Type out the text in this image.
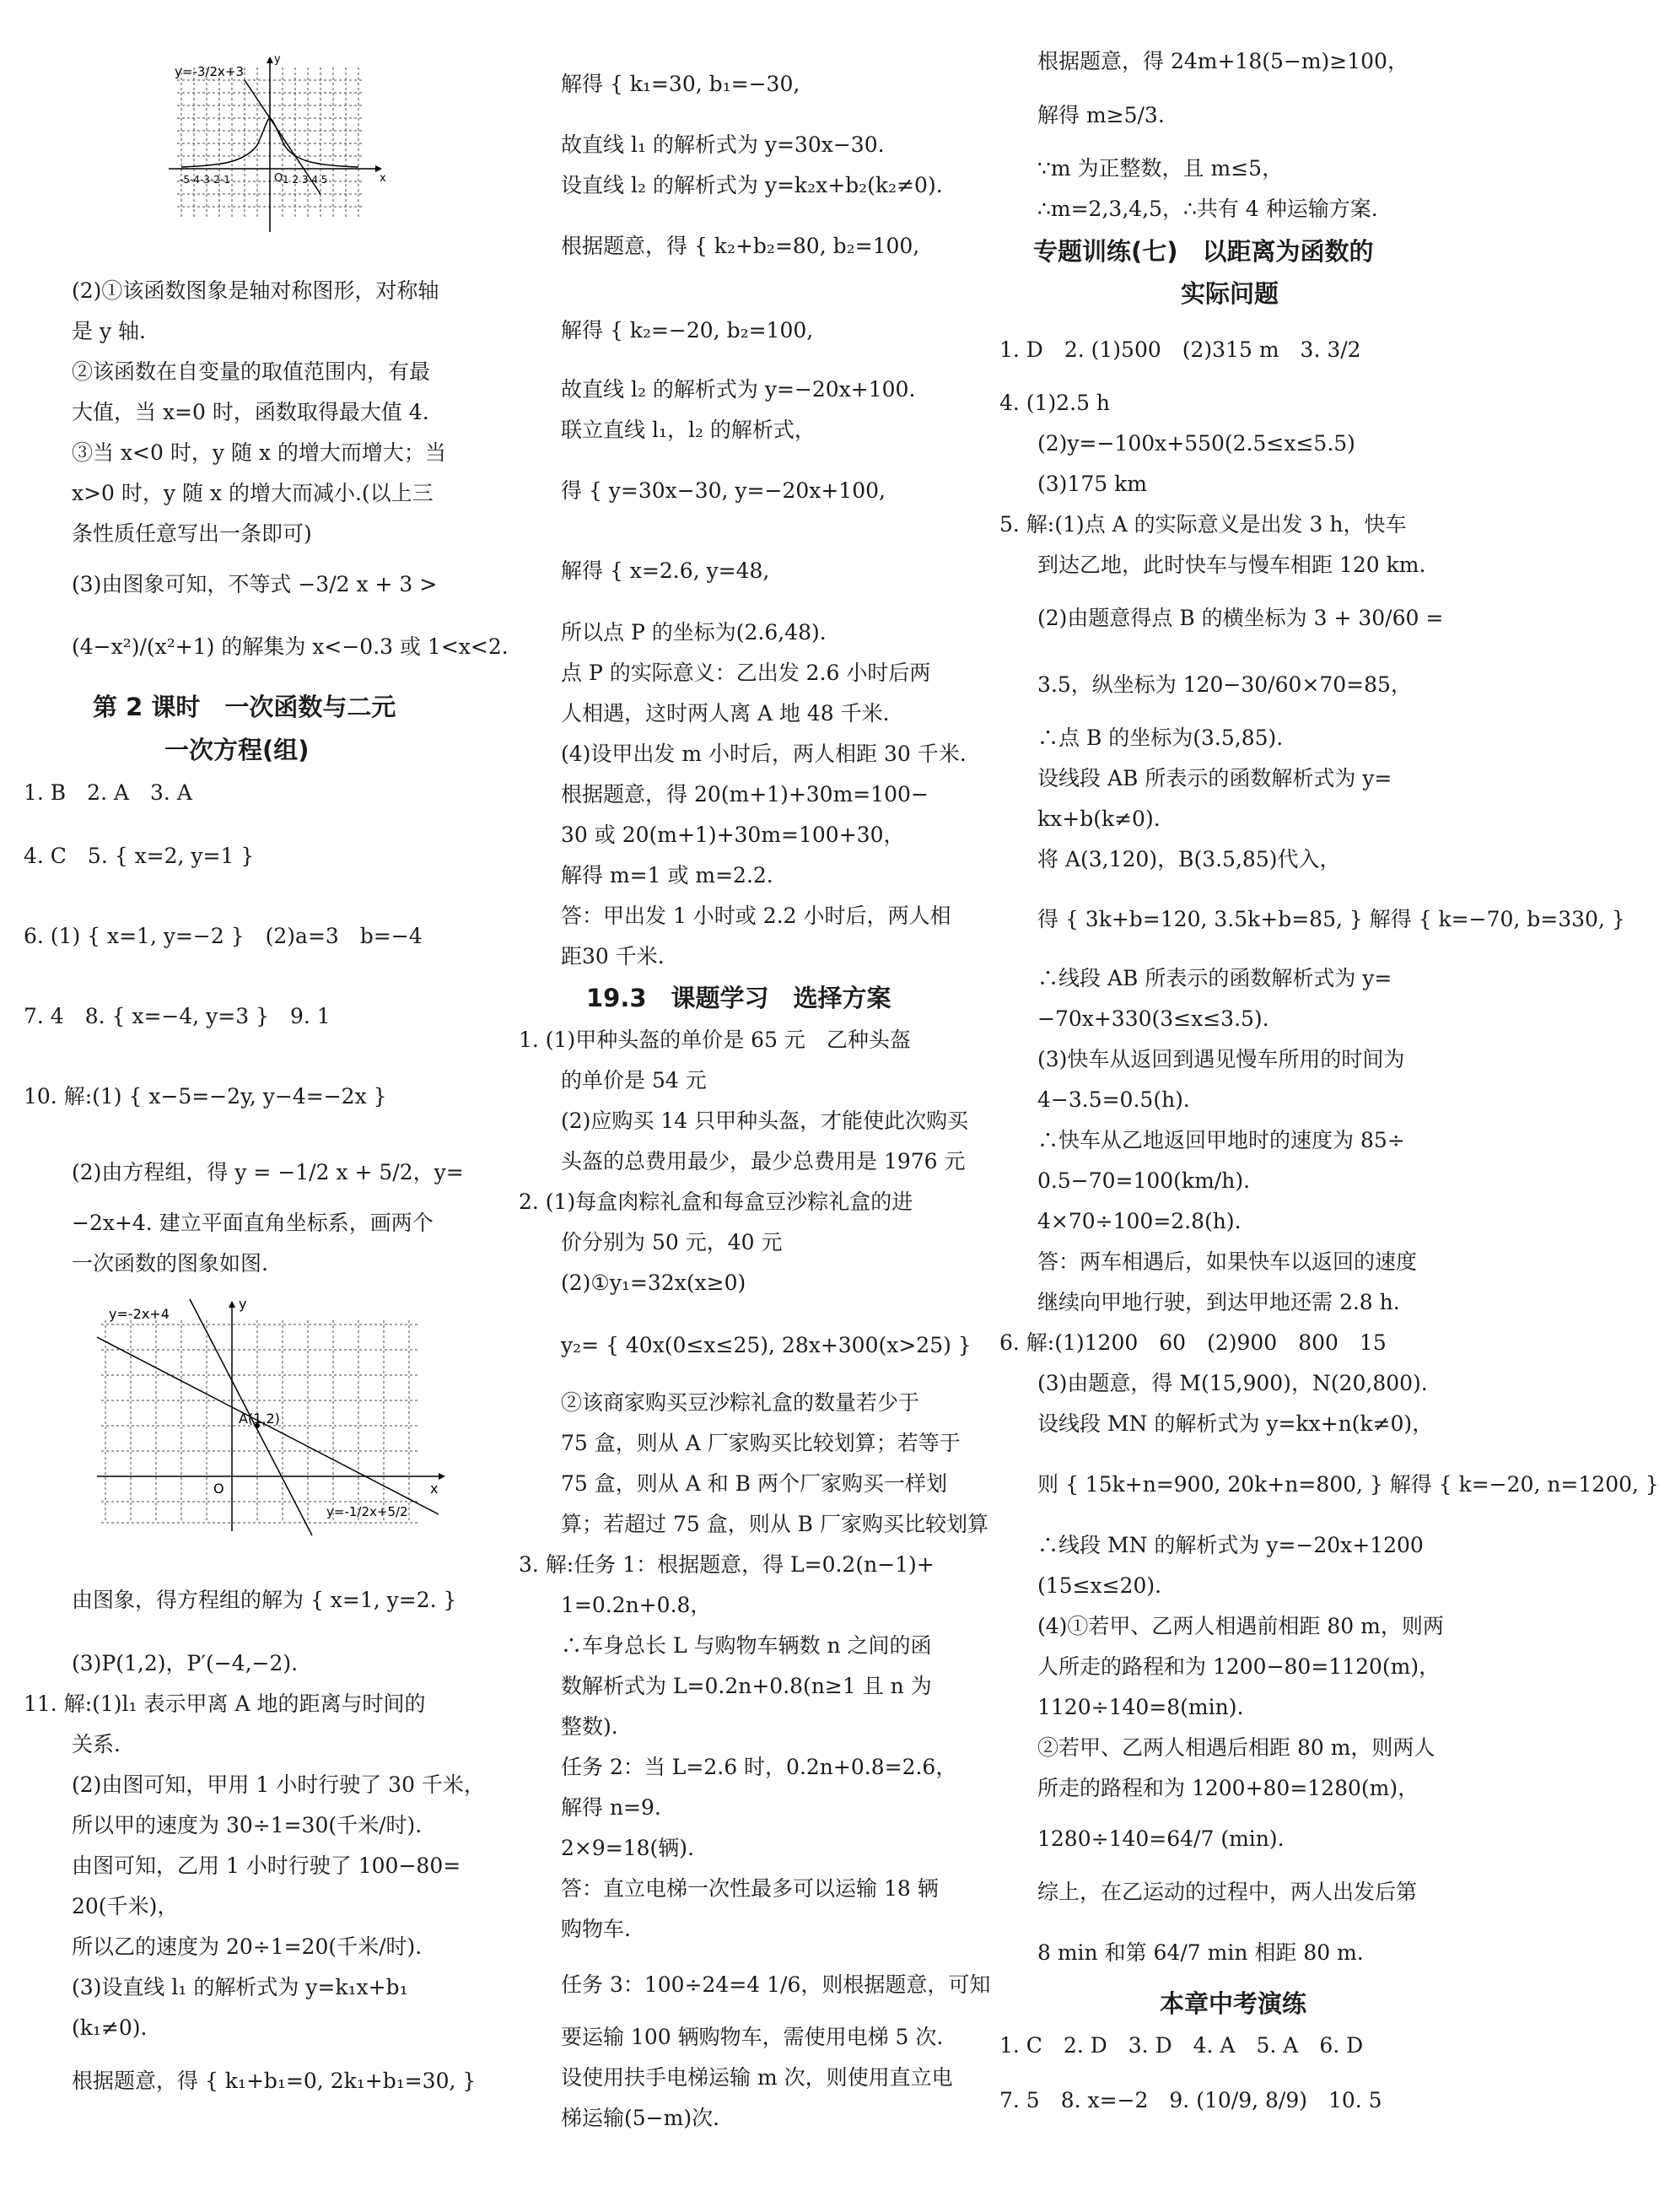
y=-3/2x+3
O	x
y
-5-4-3-2-1	1 2 3 4 5
(2)①该函数图象是轴对称图形，对称轴
是 y 轴.
②该函数在自变量的取值范围内，有最
大值，当 x=0 时，函数取得最大值 4.
③当 x<0 时，y 随 x 的增大而增大；当
x>0 时，y 随 x 的增大而减小.(以上三
条性质任意写出一条即可)
(3)由图象可知，不等式 −3/2 x + 3 >
(4−x²)/(x²+1) 的解集为 x<−0.3 或 1<x<2.
第 2 课时　一次函数与二元
一次方程(组)
1. B　2. A　3. A
4. C　5. { x=2, y=1 }
6. (1) { x=1, y=−2 }　(2)a=3　b=−4
7. 4　8. { x=−4, y=3 }　9. 1
10. 解:(1) { x−5=−2y, y−4=−2x }
(2)由方程组，得 y = −1/2 x + 5/2，y=
−2x+4. 建立平面直角坐标系，画两个
一次函数的图象如图.
y=-2x+4
A(1,2)
y=-1/2x+5/2
O	x
y
由图象，得方程组的解为 { x=1, y=2. }
(3)P(1,2)，P′(−4,−2).
11. 解:(1)l₁ 表示甲离 A 地的距离与时间的
关系.
(2)由图可知，甲用 1 小时行驶了 30 千米，
所以甲的速度为 30÷1=30(千米/时).
由图可知，乙用 1 小时行驶了 100−80=
20(千米)，
所以乙的速度为 20÷1=20(千米/时).
(3)设直线 l₁ 的解析式为 y=k₁x+b₁
(k₁≠0).
根据题意，得 { k₁+b₁=0, 2k₁+b₁=30, }
解得 { k₁=30, b₁=−30,
故直线 l₁ 的解析式为 y=30x−30.
设直线 l₂ 的解析式为 y=k₂x+b₂(k₂≠0).
根据题意，得 { k₂+b₂=80, b₂=100,
解得 { k₂=−20, b₂=100,
故直线 l₂ 的解析式为 y=−20x+100.
联立直线 l₁，l₂ 的解析式，
得 { y=30x−30, y=−20x+100,
解得 { x=2.6, y=48,
所以点 P 的坐标为(2.6,48).
点 P 的实际意义：乙出发 2.6 小时后两
人相遇，这时两人离 A 地 48 千米.
(4)设甲出发 m 小时后，两人相距 30 千米.
根据题意，得 20(m+1)+30m=100−
30 或 20(m+1)+30m=100+30，
解得 m=1 或 m=2.2.
答：甲出发 1 小时或 2.2 小时后，两人相
距30 千米.
19.3　课题学习　选择方案
1. (1)甲种头盔的单价是 65 元　乙种头盔
的单价是 54 元
(2)应购买 14 只甲种头盔，才能使此次购买
头盔的总费用最少，最少总费用是 1976 元
2. (1)每盒肉粽礼盒和每盒豆沙粽礼盒的进
价分别为 50 元，40 元
(2)①y₁=32x(x≥0)
y₂= { 40x(0≤x≤25), 28x+300(x>25) }
②该商家购买豆沙粽礼盒的数量若少于
75 盒，则从 A 厂家购买比较划算；若等于
75 盒，则从 A 和 B 两个厂家购买一样划
算；若超过 75 盒，则从 B 厂家购买比较划算
3. 解:任务 1：根据题意，得 L=0.2(n−1)+
1=0.2n+0.8，
∴车身总长 L 与购物车辆数 n 之间的函
数解析式为 L=0.2n+0.8(n≥1 且 n 为
整数).
任务 2：当 L=2.6 时，0.2n+0.8=2.6，
解得 n=9.
2×9=18(辆).
答：直立电梯一次性最多可以运输 18 辆
购物车.
任务 3：100÷24=4 1/6，则根据题意，可知
要运输 100 辆购物车，需使用电梯 5 次.
设使用扶手电梯运输 m 次，则使用直立电
梯运输(5−m)次.
根据题意，得 24m+18(5−m)≥100，
解得 m≥5/3.
∵m 为正整数，且 m≤5，
∴m=2,3,4,5，∴共有 4 种运输方案.
专题训练(七)　以距离为函数的
实际问题
1. D　2. (1)500　(2)315 m　3. 3/2
4. (1)2.5 h
(2)y=−100x+550(2.5≤x≤5.5)
(3)175 km
5. 解:(1)点 A 的实际意义是出发 3 h，快车
到达乙地，此时快车与慢车相距 120 km.
(2)由题意得点 B 的横坐标为 3 + 30/60 =
3.5，纵坐标为 120−30/60×70=85，
∴点 B 的坐标为(3.5,85).
设线段 AB 所表示的函数解析式为 y=
kx+b(k≠0).
将 A(3,120)，B(3.5,85)代入，
得 { 3k+b=120, 3.5k+b=85, } 解得 { k=−70, b=330, }
∴线段 AB 所表示的函数解析式为 y=
−70x+330(3≤x≤3.5).
(3)快车从返回到遇见慢车所用的时间为
4−3.5=0.5(h).
∴快车从乙地返回甲地时的速度为 85÷
0.5−70=100(km/h).
4×70÷100=2.8(h).
答：两车相遇后，如果快车以返回的速度
继续向甲地行驶，到达甲地还需 2.8 h.
6. 解:(1)1200　60　(2)900　800　15
(3)由题意，得 M(15,900)，N(20,800).
设线段 MN 的解析式为 y=kx+n(k≠0)，
则 { 15k+n=900, 20k+n=800, } 解得 { k=−20, n=1200, }
∴线段 MN 的解析式为 y=−20x+1200
(15≤x≤20).
(4)①若甲、乙两人相遇前相距 80 m，则两
人所走的路程和为 1200−80=1120(m)，
1120÷140=8(min).
②若甲、乙两人相遇后相距 80 m，则两人
所走的路程和为 1200+80=1280(m)，
1280÷140=64/7 (min).
综上，在乙运动的过程中，两人出发后第
8 min 和第 64/7 min 相距 80 m.
本章中考演练
1. C　2. D　3. D　4. A　5. A　6. D
7. 5　8. x=−2　9. (10/9, 8/9)　10. 5
